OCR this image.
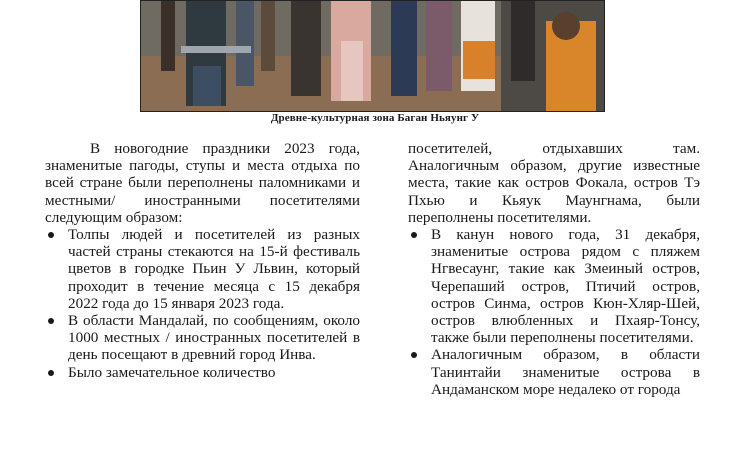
Древне-культурная зона Баган Ньяунг У

В новогодние праздники 2023 года, знаменитые пагоды, ступы и места отдыха по всей стране были переполнены паломниками и местными/ иностранными посетителями следующим образом:

Толпы людей и посетителей из разных частей страны стекаются на 15-й фестиваль цветов в городке Пьин У Львин, который проходит в течение месяца с 15 декабря 2022 года до 15 января 2023 года.
В области Мандалай, по сообщениям, около 1000 местных / иностранных посетителей в день посещают в древний город Инва.
Было замечательное количество

посетителей, отдыхавших там. Аналогичным образом, другие известные места, такие как остров Фокала, остров Тэ Пхью и Кьяук Маунгнама, были переполнены посетителями.

В канун нового года, 31 декабря, знаменитые острова рядом с пляжем Нгвесаунг, такие как Змеиный остров, Черепаший остров, Птичий остров, остров Синма, остров Кюн-Хляр-Шей, остров влюбленных и Пхаяр-Тонсу, также были переполнены посетителями.
Аналогичным образом, в области Танинтайи знаменитые острова в Андаманском море недалеко от города
